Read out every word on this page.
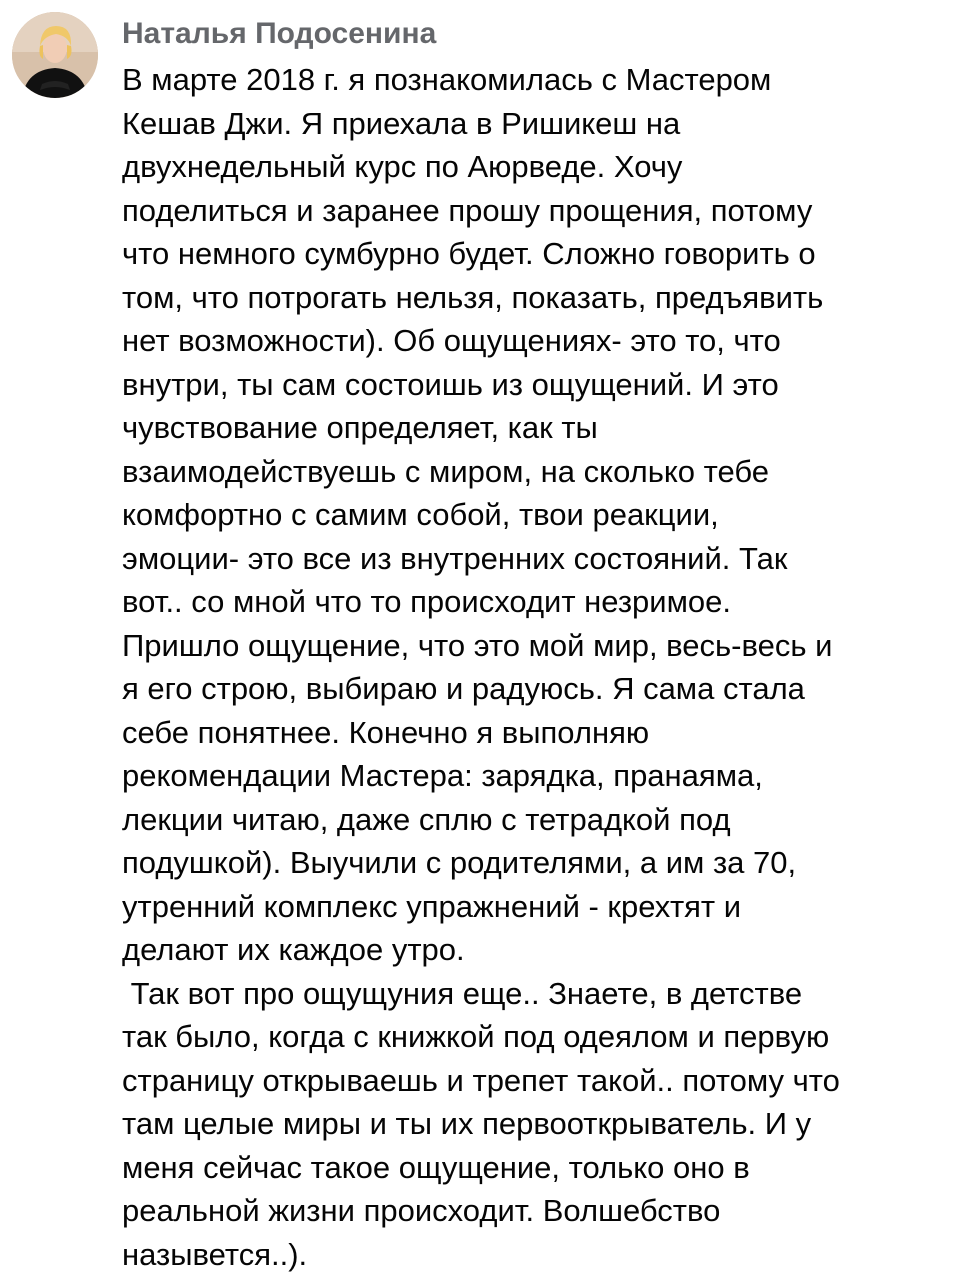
Наталья Подосенина
В марте 2018 г. я познакомилась с Мастером
Кешав Джи. Я приехала в Ришикеш на
двухнедельный курс по Аюрведе. Хочу
поделиться и заранее прошу прощения, потому
что немного сумбурно будет. Сложно говорить о
том, что потрогать нельзя, показать, предъявить
нет возможности). Об ощущениях- это то, что
внутри, ты сам состоишь из ощущений. И это
чувствование определяет, как ты
взаимодействуешь с миром, на сколько тебе
комфортно с самим собой, твои реакции,
эмоции- это все из внутренних состояний. Так
вот.. со мной что то происходит незримое.
Пришло ощущение, что это мой мир, весь-весь и
я его строю, выбираю и радуюсь. Я сама стала
себе понятнее. Конечно я выполняю
рекомендации Мастера: зарядка, пранаяма,
лекции читаю, даже сплю с тетрадкой под
подушкой). Выучили с родителями, а им за 70,
утренний комплекс упражнений - крехтят и
делают их каждое утро.
Так вот про ощущуния еще.. Знаете, в детстве
так было, когда с книжкой под одеялом и первую
страницу открываешь и трепет такой.. потому что
там целые миры и ты их первооткрыватель. И у
меня сейчас такое ощущение, только оно в
реальной жизни происходит. Волшебство
назывется..).
